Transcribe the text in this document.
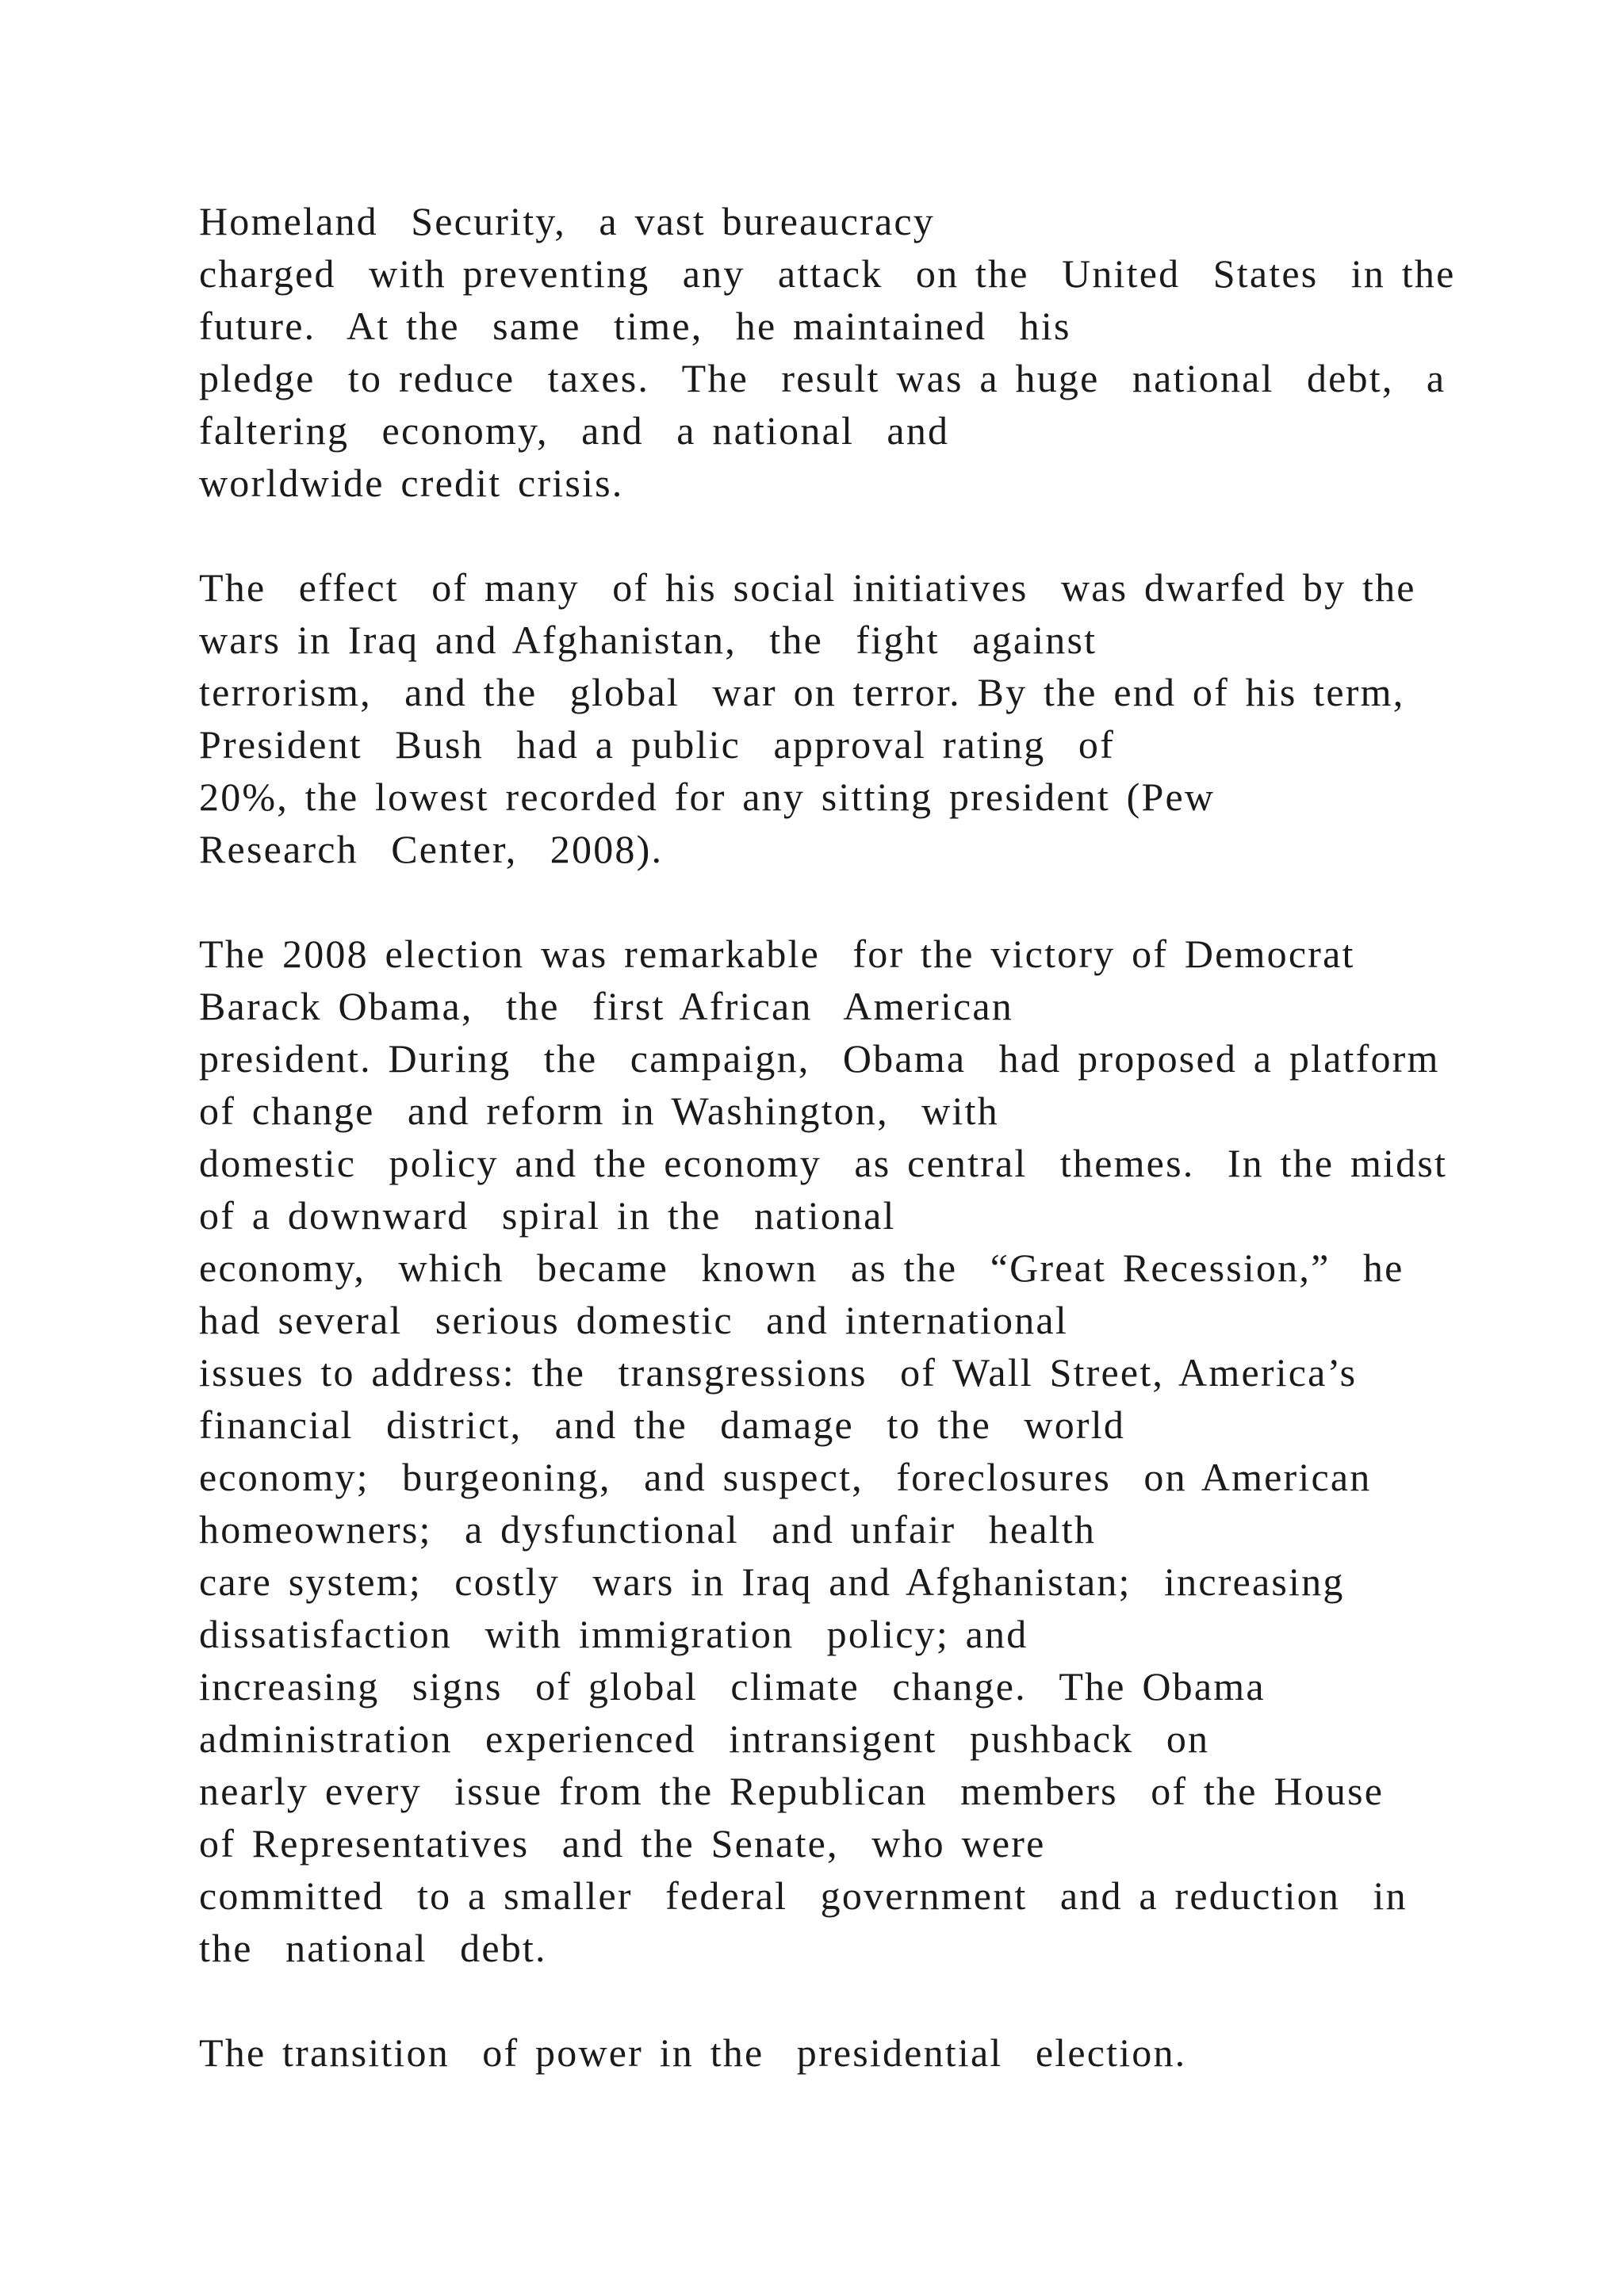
Homeland  Security,  a vast bureaucracy
charged  with preventing  any  attack  on the  United  States  in the
future.  At the  same  time,  he maintained  his
pledge  to reduce  taxes.  The  result was a huge  national  debt,  a
faltering  economy,  and  a national  and
worldwide credit crisis.
The  effect  of many  of his social initiatives  was dwarfed by the
wars in Iraq and Afghanistan,  the  fight  against
terrorism,  and the  global  war on terror. By the end of his term,
President  Bush  had a public  approval rating  of
20%, the lowest recorded for any sitting president (Pew
Research  Center,  2008).
The 2008 election was remarkable  for the victory of Democrat
Barack Obama,  the  first African  American
president. During  the  campaign,  Obama  had proposed a platform
of change  and reform in Washington,  with
domestic  policy and the economy  as central  themes.  In the midst
of a downward  spiral in the  national
economy,  which  became  known  as the  “Great Recession,”  he
had several  serious domestic  and international
issues to address: the  transgressions  of Wall Street, America’s
financial  district,  and the  damage  to the  world
economy;  burgeoning,  and suspect,  foreclosures  on American
homeowners;  a dysfunctional  and unfair  health
care system;  costly  wars in Iraq and Afghanistan;  increasing
dissatisfaction  with immigration  policy; and
increasing  signs  of global  climate  change.  The Obama
administration  experienced  intransigent  pushback  on
nearly every  issue from the Republican  members  of the House
of Representatives  and the Senate,  who were
committed  to a smaller  federal  government  and a reduction  in
the  national  debt.
The transition  of power in the  presidential  election.
